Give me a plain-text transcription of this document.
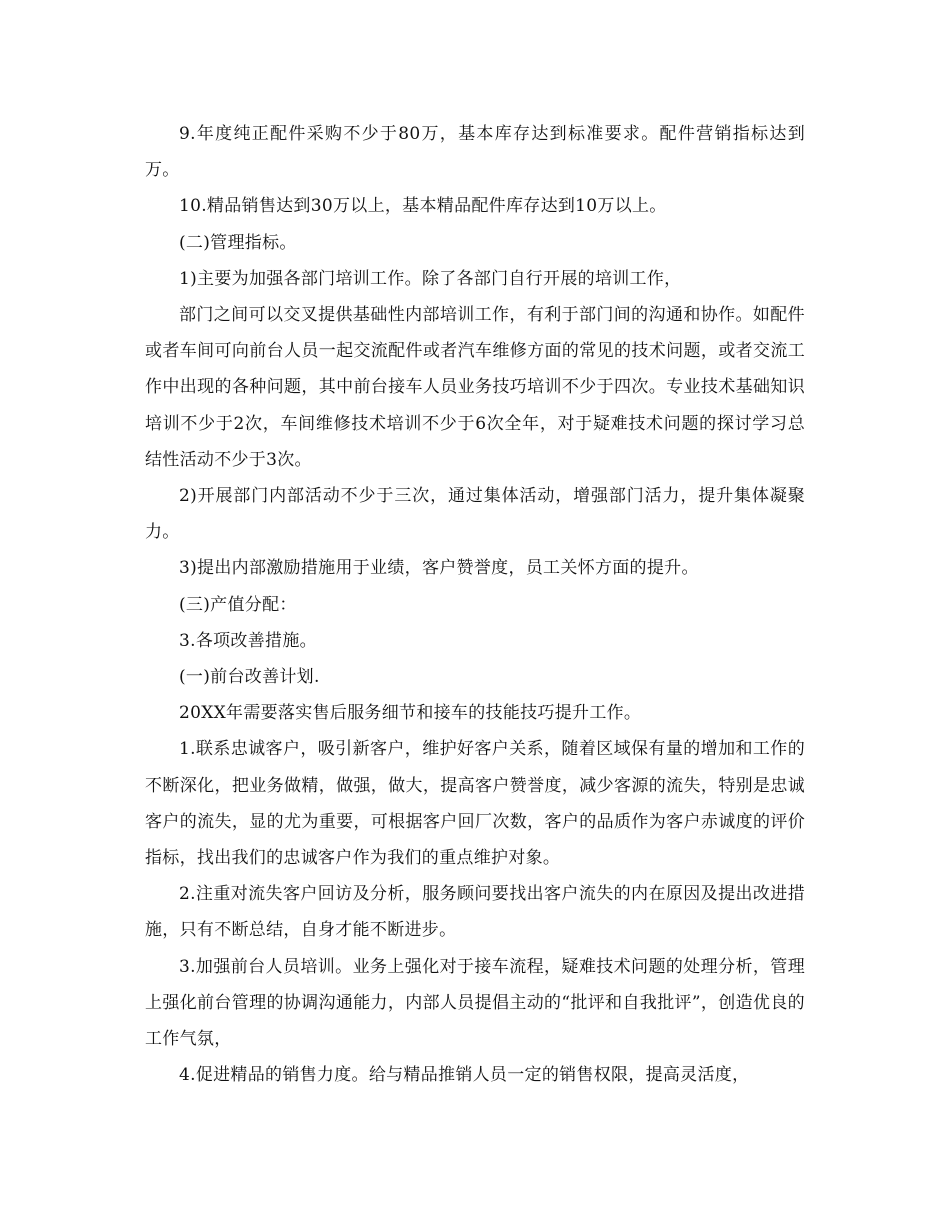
9.年度纯正配件采购不少于80万，基本库存达到标准要求。配件营销指标达到万。

10.精品销售达到30万以上，基本精品配件库存达到10万以上。

(二)管理指标。

1)主要为加强各部门培训工作。除了各部门自行开展的培训工作，

部门之间可以交叉提供基础性内部培训工作，有利于部门间的沟通和协作。如配件或者车间可向前台人员一起交流配件或者汽车维修方面的常见的技术问题，或者交流工作中出现的各种问题，其中前台接车人员业务技巧培训不少于四次。专业技术基础知识培训不少于2次，车间维修技术培训不少于6次全年，对于疑难技术问题的探讨学习总结性活动不少于3次。

2)开展部门内部活动不少于三次，通过集体活动，增强部门活力，提升集体凝聚力。

3)提出内部激励措施用于业绩，客户赞誉度，员工关怀方面的提升。

(三)产值分配：

3.各项改善措施。

(一)前台改善计划.

20XX年需要落实售后服务细节和接车的技能技巧提升工作。

1.联系忠诚客户，吸引新客户，维护好客户关系，随着区域保有量的增加和工作的不断深化，把业务做精，做强，做大，提高客户赞誉度，减少客源的流失，特别是忠诚客户的流失，显的尤为重要，可根据客户回厂次数，客户的品质作为客户赤诚度的评价指标，找出我们的忠诚客户作为我们的重点维护对象。

2.注重对流失客户回访及分析，服务顾问要找出客户流失的内在原因及提出改进措施，只有不断总结，自身才能不断进步。

3.加强前台人员培训。业务上强化对于接车流程，疑难技术问题的处理分析，管理上强化前台管理的协调沟通能力，内部人员提倡主动的“批评和自我批评”，创造优良的工作气氛，

4.促进精品的销售力度。给与精品推销人员一定的销售权限，提高灵活度，
